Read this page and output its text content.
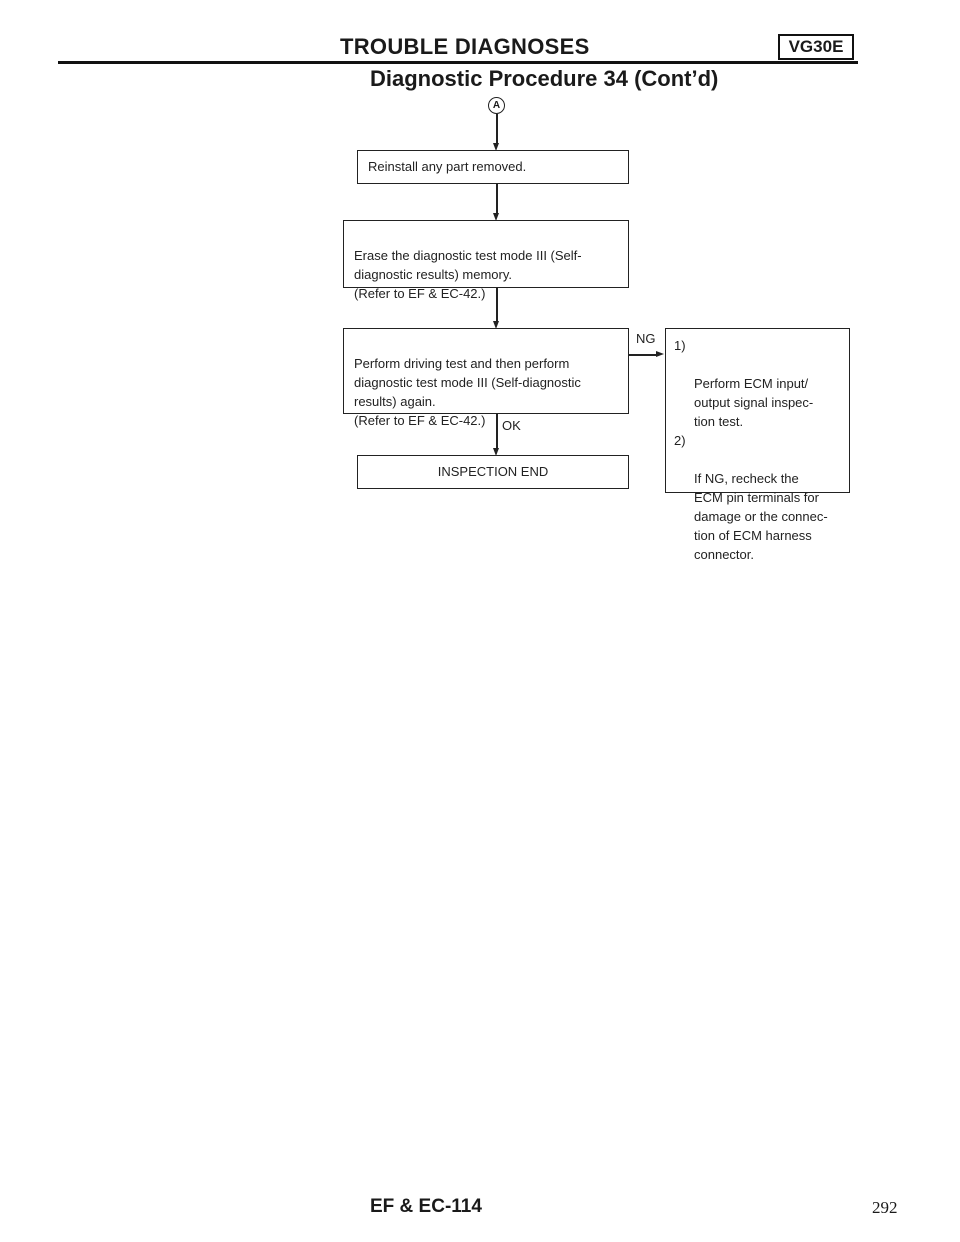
TROUBLE DIAGNOSES	VG30E
Diagnostic Procedure 34 (Cont’d)
A
Reinstall any part removed.

Erase the diagnostic test mode III (Self-
diagnostic results) memory.
(Refer to EF & EC-42.)

Perform driving test and then perform
diagnostic test mode III (Self-diagnostic
results) again.
(Refer to EF & EC-42.)

NG 1)

Perform ECM input/
output signal inspec-
tion test.

2)

If NG, recheck the
ECM pin terminals for
damage or the connec-
tion of ECM harness
connector.

OK
INSPECTION END
EF & EC-114	292
